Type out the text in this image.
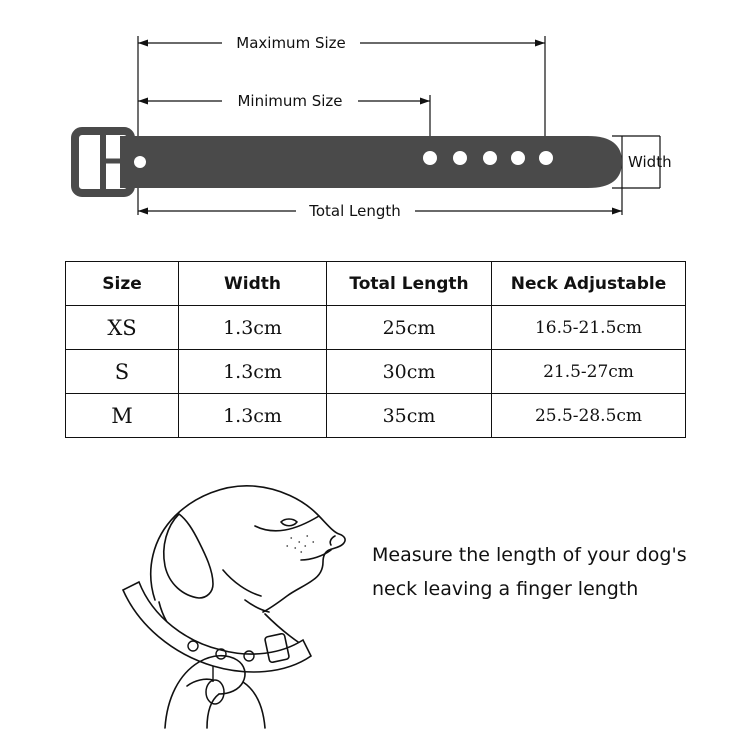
Maximum Size
Minimum Size
Total Length
Width
Size	Width	Total Length	Neck Adjustable
XS	1.3cm	25cm	16.5-21.5cm
S	1.3cm	30cm	21.5-27cm
M	1.3cm	35cm	25.5-28.5cm
Measure the length of your dog's neck leaving a finger length
